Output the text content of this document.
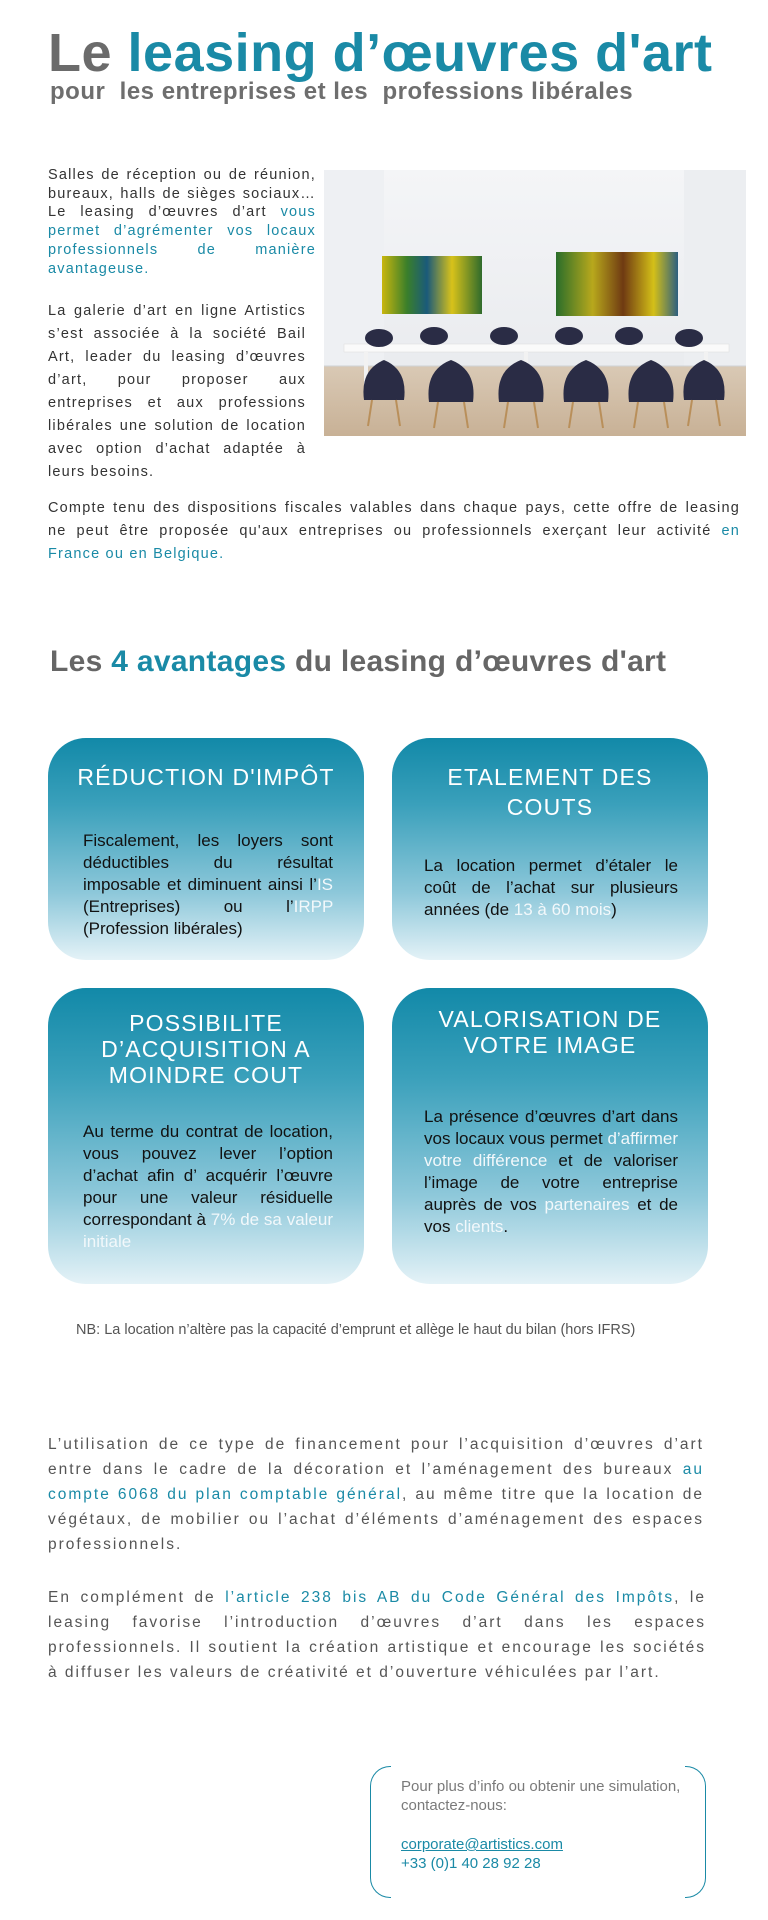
Le leasing d’œuvres d'art
pour  les entreprises et les  professions libérales
Salles de réception ou de réunion, bureaux, halls de sièges sociaux… Le leasing d’œuvres d’art vous permet d’agrémenter vos locaux professionnels de manière avantageuse.
La galerie d’art en ligne Artistics s’est associée à la société Bail Art, leader du leasing d’œuvres d’art, pour proposer aux entreprises et aux professions libérales une solution de location avec option d’achat adaptée à leurs besoins.
Compte tenu des dispositions fiscales valables dans chaque pays, cette offre de leasing ne peut être proposée qu'aux entreprises ou professionnels exerçant leur activité en France ou en Belgique.
Les 4 avantages du leasing d’œuvres d'art
RÉDUCTION D'IMPÔT
Fiscalement, les loyers sont déductibles du résultat imposable et diminuent ainsi l’IS (Entreprises) ou l’IRPP (Profession libérales)
ETALEMENT DES COUTS
La location permet d’étaler le coût de l’achat sur plusieurs années (de 13 à 60 mois)
POSSIBILITE D’ACQUISITION A MOINDRE COUT
Au terme du contrat de location, vous pouvez lever l’option d’achat afin d’ acquérir l’œuvre pour une valeur résiduelle correspondant à 7% de sa valeur initiale
VALORISATION DE VOTRE IMAGE
La présence d’œuvres d’art dans vos locaux vous permet d’affirmer votre différence et de valoriser l’image de votre entreprise auprès de vos partenaires et de vos clients.
NB: La location n’altère pas la capacité d’emprunt et allège le haut du bilan (hors IFRS)
L’utilisation de ce type de financement pour l’acquisition d’œuvres d’art entre dans le cadre de la décoration et l’aménagement des bureaux au compte 6068 du plan comptable général, au même titre que la location de végétaux, de mobilier ou l’achat d’éléments d’aménagement des espaces professionnels.
En complément de l’article 238 bis AB du Code Général des Impôts, le leasing favorise l’introduction d’œuvres d’art dans les espaces professionnels. Il soutient la création artistique et encourage les sociétés à diffuser les valeurs de créativité et d’ouverture véhiculées par l’art.
Pour plus d’info ou obtenir une simulation, contactez-nous:
corporate@artistics.com
+33 (0)1 40 28 92 28
